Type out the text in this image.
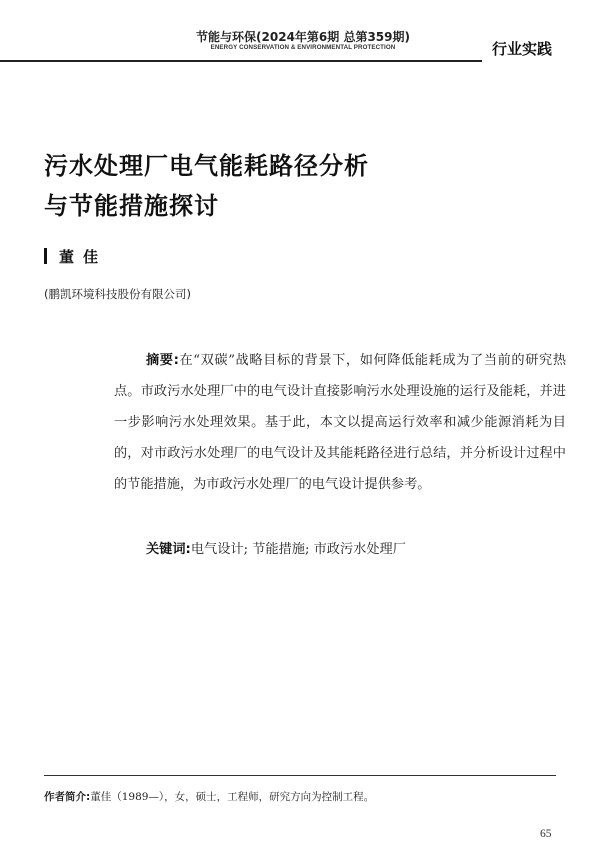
节能与环保(2024年第6期 总第359期)
ENERGY CONSERVATION & ENVIRONMENTAL PROTECTION	行业实践
污水处理厂电气能耗路径分析
与节能措施探讨
董佳
(鹏凯环境科技股份有限公司)
摘要:在“双碳”战略目标的背景下，如何降低能耗成为了当前的研究热点。市政污水处理厂中的电气设计直接影响污水处理设施的运行及能耗，并进一步影响污水处理效果。基于此，本文以提高运行效率和减少能源消耗为目的，对市政污水处理厂的电气设计及其能耗路径进行总结，并分析设计过程中的节能措施，为市政污水处理厂的电气设计提供参考。
关键词:电气设计; 节能措施; 市政污水处理厂
作者简介:董佳（1989—），女，硕士，工程师，研究方向为控制工程。
65
